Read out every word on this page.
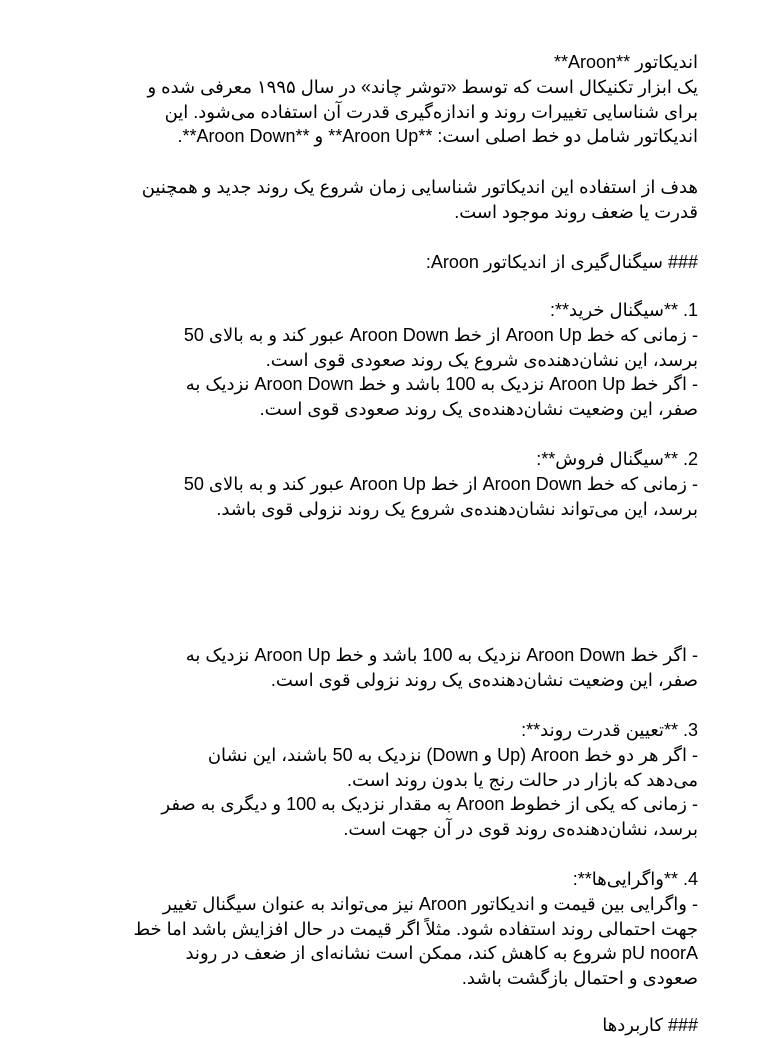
اندیکاتور **Aroon**
یک ابزار تکنیکال است که توسط «توشر چاند» در سال ۱۹۹۵ معرفی شده و
برای شناسایی تغییرات روند و اندازه‌گیری قدرت آن استفاده می‌شود. این
اندیکاتور شامل دو خط اصلی است: **Aroon Up** و **Aroon Down**.
هدف از استفاده این اندیکاتور شناسایی زمان شروع یک روند جدید و همچنین
قدرت یا ضعف روند موجود است.
### سیگنال‌گیری از اندیکاتور Aroon:
1. **سیگنال خرید**:
- زمانی که خط Aroon Up از خط Aroon Down عبور کند و به بالای 50
برسد، این نشان‌دهنده‌ی شروع یک روند صعودی قوی است.
- اگر خط Aroon Up نزدیک به 100 باشد و خط Aroon Down نزدیک به
صفر، این وضعیت نشان‌دهنده‌ی یک روند صعودی قوی است.
2. **سیگنال فروش**:
- زمانی که خط Aroon Down از خط Aroon Up عبور کند و به بالای 50
برسد، این می‌تواند نشان‌دهنده‌ی شروع یک روند نزولی قوی باشد.
- اگر خط Aroon Down نزدیک به 100 باشد و خط Aroon Up نزدیک به
صفر، این وضعیت نشان‌دهنده‌ی یک روند نزولی قوی است.
3. **تعیین قدرت روند**:
- اگر هر دو خط Aroon (Up و Down) نزدیک به 50 باشند، این نشان
می‌دهد که بازار در حالت رنج یا بدون روند است.
- زمانی که یکی از خطوط Aroon به مقدار نزدیک به 100 و دیگری به صفر
برسد، نشان‌دهنده‌ی روند قوی در آن جهت است.
4. **واگرایی‌ها**:
- واگرایی بین قیمت و اندیکاتور Aroon نیز می‌تواند به عنوان سیگنال تغییر
جهت احتمالی روند استفاده شود. مثلاً اگر قیمت در حال افزایش باشد اما خط
Aroon Up شروع به کاهش کند، ممکن است نشانه‌ای از ضعف در روند
صعودی و احتمال بازگشت باشد.
### کاربردها
